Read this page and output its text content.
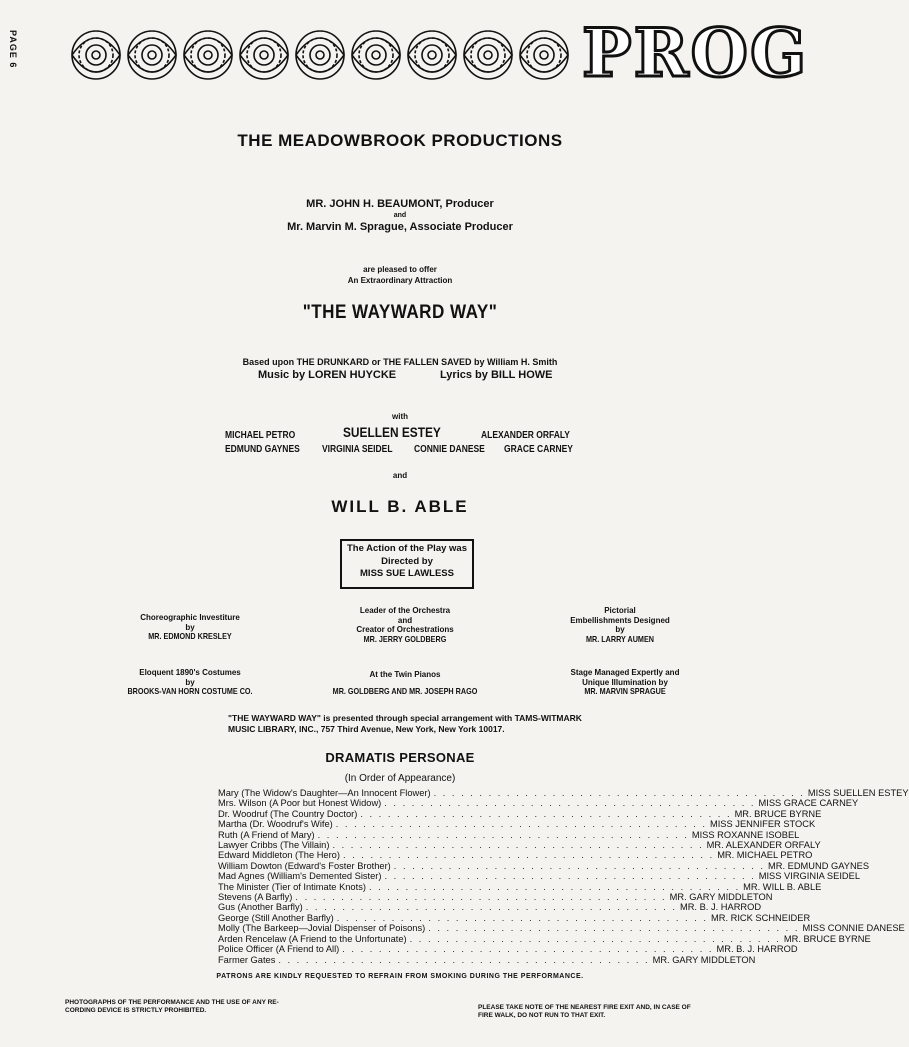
PAGE 6	PROG
THE MEADOWBROOK PRODUCTIONS
MR. JOHN H. BEAUMONT, Producer
and
Mr. Marvin M. Sprague, Associate Producer
are pleased to offer
An Extraordinary Attraction
"THE WAYWARD WAY"
Based upon THE DRUNKARD or THE FALLEN SAVED by William H. Smith
Music by LOREN HUYCKE	Lyrics by BILL HOWE
with
MICHAEL PETRO	SUELLEN ESTEY	ALEXANDER ORFALY
EDMUND GAYNES VIRGINIA SEIDEL CONNIE DANESE GRACE CARNEY
and
WILL B. ABLE
The Action of the Play was
Directed by
MISS SUE LAWLESS
Choreographic Investiture
by
MR. EDMOND KRESLEY
Leader of the Orchestra
and
Creator of Orchestrations
MR. JERRY GOLDBERG
Pictorial
Embellishments Designed
by
MR. LARRY AUMEN
Eloquent 1890's Costumes
by
BROOKS-VAN HORN COSTUME CO.
At the Twin Pianos
MR. GOLDBERG AND MR. JOSEPH RAGO
Stage Managed Expertly and
Unique Illumination by
MR. MARVIN SPRAGUE
"THE WAYWARD WAY" is presented through special arrangement with TAMS-WITMARK MUSIC LIBRARY, INC., 757 Third Avenue, New York, New York 10017.
DRAMATIS PERSONAE
(In Order of Appearance)
Mary (The Widow's Daughter—An Innocent Flower) . . . . . . . . . . . . . . . . . . . . . . . . . . . . . . . . . . . . . . . . . MISS SUELLEN ESTEY
Mrs. Wilson (A Poor but Honest Widow) . . . . . . . . . . . . . . . . . . . . . . . . . . . . . . . . . . . . . . . . . MISS GRACE CARNEY
Dr. Woodruf (The Country Doctor) . . . . . . . . . . . . . . . . . . . . . . . . . . . . . . . . . . . . . . . . . MR. BRUCE BYRNE
Martha (Dr. Woodruf's Wife) . . . . . . . . . . . . . . . . . . . . . . . . . . . . . . . . . . . . . . . . . MISS JENNIFER STOCK
Ruth (A Friend of Mary) . . . . . . . . . . . . . . . . . . . . . . . . . . . . . . . . . . . . . . . . . MISS ROXANNE ISOBEL
Lawyer Cribbs (The Villain) . . . . . . . . . . . . . . . . . . . . . . . . . . . . . . . . . . . . . . . . . MR. ALEXANDER ORFALY
Edward Middleton (The Hero) . . . . . . . . . . . . . . . . . . . . . . . . . . . . . . . . . . . . . . . . . MR. MICHAEL PETRO
William Dowton (Edward's Foster Brother) . . . . . . . . . . . . . . . . . . . . . . . . . . . . . . . . . . . . . . . . . MR. EDMUND GAYNES
Mad Agnes (William's Demented Sister) . . . . . . . . . . . . . . . . . . . . . . . . . . . . . . . . . . . . . . . . . MISS VIRGINIA SEIDEL
The Minister (Tier of Intimate Knots) . . . . . . . . . . . . . . . . . . . . . . . . . . . . . . . . . . . . . . . . . MR. WILL B. ABLE
Stevens (A Barfly) . . . . . . . . . . . . . . . . . . . . . . . . . . . . . . . . . . . . . . . . . MR. GARY MIDDLETON
Gus (Another Barfly) . . . . . . . . . . . . . . . . . . . . . . . . . . . . . . . . . . . . . . . . . MR. B. J. HARROD
George (Still Another Barfly) . . . . . . . . . . . . . . . . . . . . . . . . . . . . . . . . . . . . . . . . . MR. RICK SCHNEIDER
Molly (The Barkeep—Jovial Dispenser of Poisons) . . . . . . . . . . . . . . . . . . . . . . . . . . . . . . . . . . . . . . . . . MISS CONNIE DANESE
Arden Rencelaw (A Friend to the Unfortunate) . . . . . . . . . . . . . . . . . . . . . . . . . . . . . . . . . . . . . . . . . MR. BRUCE BYRNE
Police Officer (A Friend to All) . . . . . . . . . . . . . . . . . . . . . . . . . . . . . . . . . . . . . . . . . MR. B. J. HARROD
Farmer Gates . . . . . . . . . . . . . . . . . . . . . . . . . . . . . . . . . . . . . . . . . MR. GARY MIDDLETON
PATRONS ARE KINDLY REQUESTED TO REFRAIN FROM SMOKING DURING THE PERFORMANCE.
PHOTOGRAPHS OF THE PERFORMANCE AND THE USE OF ANY RE-
CORDING DEVICE IS STRICTLY PROHIBITED.	PLEASE TAKE NOTE OF THE NEAREST FIRE EXIT AND, IN CASE OF
FIRE WALK, DO NOT RUN TO THAT EXIT.
